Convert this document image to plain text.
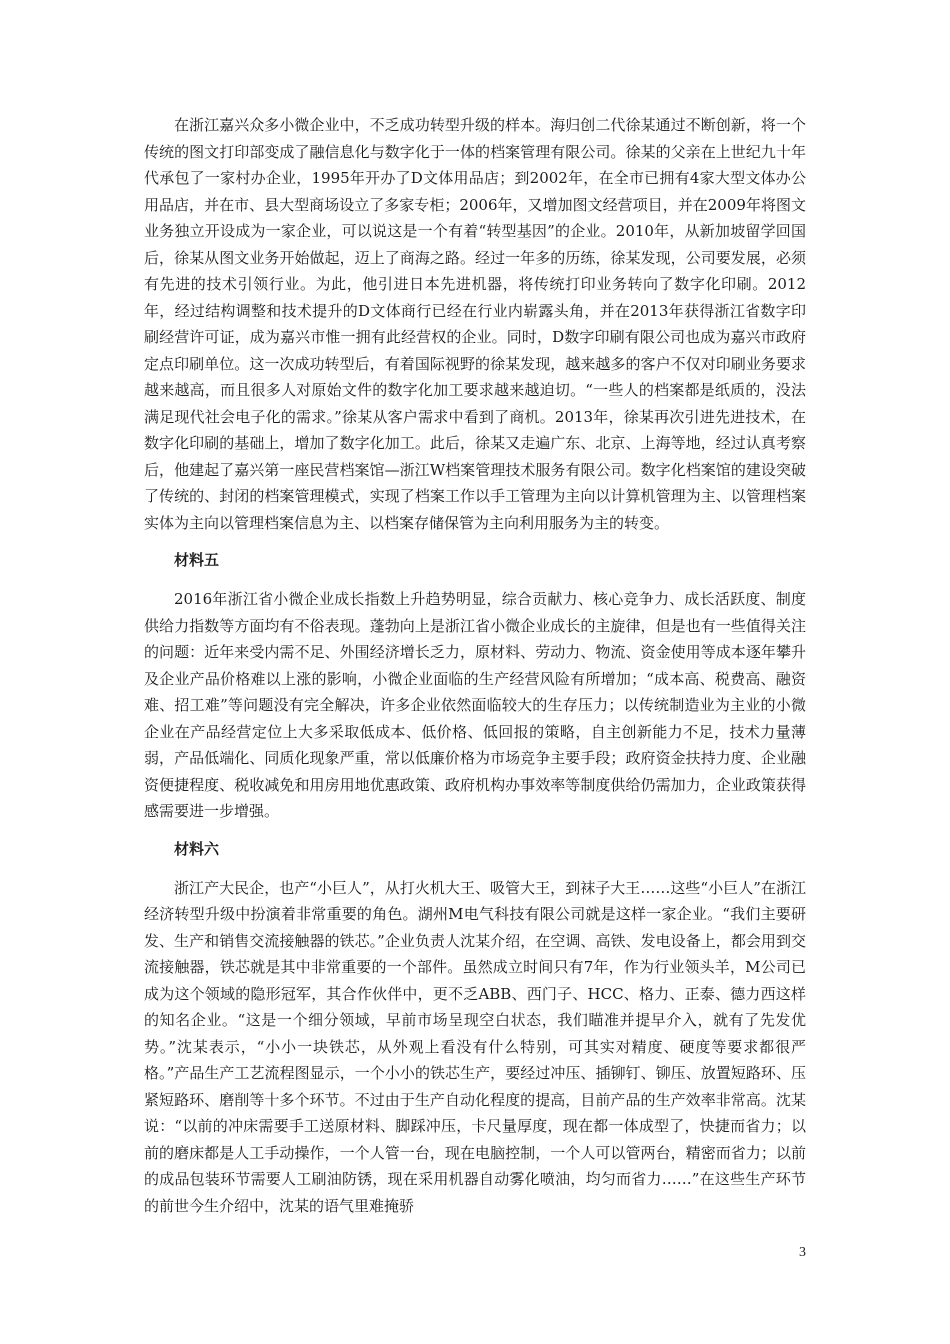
在浙江嘉兴众多小微企业中，不乏成功转型升级的样本。海归创二代徐某通过不断创新，将一个传统的图文打印部变成了融信息化与数字化于一体的档案管理有限公司。徐某的父亲在上世纪九十年代承包了一家村办企业，1995年开办了D文体用品店；到2002年，在全市已拥有4家大型文体办公用品店，并在市、县大型商场设立了多家专柜；2006年，又增加图文经营项目，并在2009年将图文业务独立开设成为一家企业，可以说这是一个有着“转型基因”的企业。2010年，从新加坡留学回国后，徐某从图文业务开始做起，迈上了商海之路。经过一年多的历练，徐某发现，公司要发展，必须有先进的技术引领行业。为此，他引进日本先进机器，将传统打印业务转向了数字化印刷。2012年，经过结构调整和技术提升的D文体商行已经在行业内崭露头角，并在2013年获得浙江省数字印刷经营许可证，成为嘉兴市惟一拥有此经营权的企业。同时，D数字印刷有限公司也成为嘉兴市政府定点印刷单位。这一次成功转型后，有着国际视野的徐某发现，越来越多的客户不仅对印刷业务要求越来越高，而且很多人对原始文件的数字化加工要求越来越迫切。“一些人的档案都是纸质的，没法满足现代社会电子化的需求。”徐某从客户需求中看到了商机。2013年，徐某再次引进先进技术，在数字化印刷的基础上，增加了数字化加工。此后，徐某又走遍广东、北京、上海等地，经过认真考察后，他建起了嘉兴第一座民营档案馆—浙江W档案管理技术服务有限公司。数字化档案馆的建设突破了传统的、封闭的档案管理模式，实现了档案工作以手工管理为主向以计算机管理为主、以管理档案实体为主向以管理档案信息为主、以档案存储保管为主向利用服务为主的转变。

材料五

2016年浙江省小微企业成长指数上升趋势明显，综合贡献力、核心竞争力、成长活跃度、制度供给力指数等方面均有不俗表现。蓬勃向上是浙江省小微企业成长的主旋律，但是也有一些值得关注的问题：近年来受内需不足、外围经济增长乏力，原材料、劳动力、物流、资金使用等成本逐年攀升及企业产品价格难以上涨的影响，小微企业面临的生产经营风险有所增加；“成本高、税费高、融资难、招工难”等问题没有完全解决，许多企业依然面临较大的生存压力；以传统制造业为主业的小微企业在产品经营定位上大多采取低成本、低价格、低回报的策略，自主创新能力不足，技术力量薄弱，产品低端化、同质化现象严重，常以低廉价格为市场竞争主要手段；政府资金扶持力度、企业融资便捷程度、税收减免和用房用地优惠政策、政府机构办事效率等制度供给仍需加力，企业政策获得感需要进一步增强。

材料六

浙江产大民企，也产“小巨人”，从打火机大王、吸管大王，到袜子大王……这些“小巨人”在浙江经济转型升级中扮演着非常重要的角色。湖州M电气科技有限公司就是这样一家企业。“我们主要研发、生产和销售交流接触器的铁芯。”企业负责人沈某介绍，在空调、高铁、发电设备上，都会用到交流接触器，铁芯就是其中非常重要的一个部件。虽然成立时间只有7年，作为行业领头羊，M公司已成为这个领域的隐形冠军，其合作伙伴中，更不乏ABB、西门子、HCC、格力、正泰、德力西这样的知名企业。“这是一个细分领域，早前市场呈现空白状态，我们瞄准并提早介入，就有了先发优势。”沈某表示，“小小一块铁芯，从外观上看没有什么特别，可其实对精度、硬度等要求都很严格。”产品生产工艺流程图显示，一个小小的铁芯生产，要经过冲压、插铆钉、铆压、放置短路环、压紧短路环、磨削等十多个环节。不过由于生产自动化程度的提高，目前产品的生产效率非常高。沈某说：“以前的冲床需要手工送原材料、脚踩冲压，卡尺量厚度，现在都一体成型了，快捷而省力；以前的磨床都是人工手动操作，一个人管一台，现在电脑控制，一个人可以管两台，精密而省力；以前的成品包装环节需要人工刷油防锈，现在采用机器自动雾化喷油，均匀而省力……”在这些生产环节的前世今生介绍中，沈某的语气里难掩骄

3
